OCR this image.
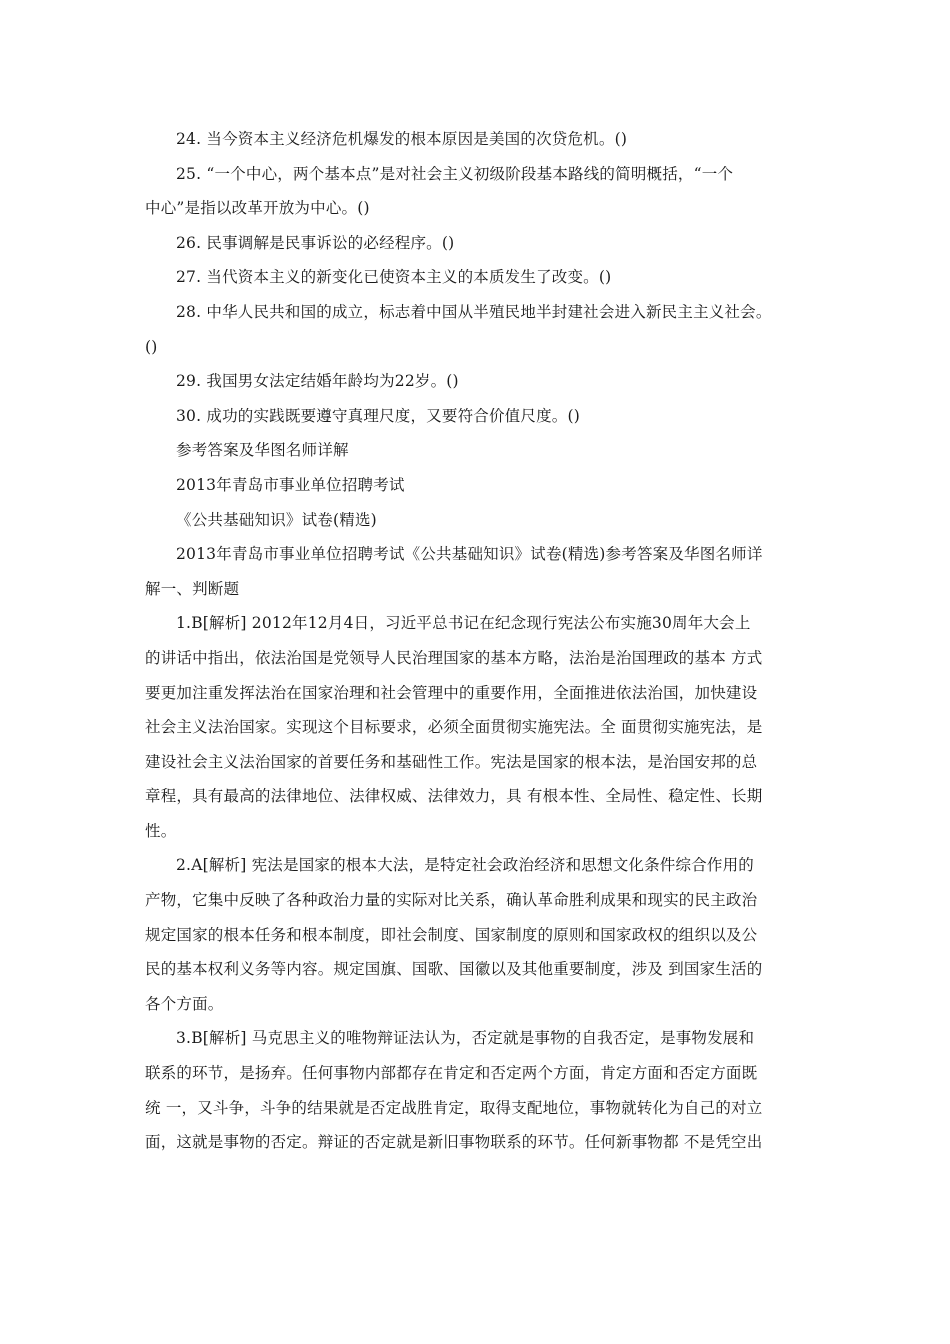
24. 当今资本主义经济危机爆发的根本原因是美国的次贷危机。()
25. “一个中心，两个基本点”是对社会主义初级阶段基本路线的简明概括，“一个
中心”是指以改革开放为中心。()
26. 民事调解是民事诉讼的必经程序。()
27. 当代资本主义的新变化已使资本主义的本质发生了改变。()
28. 中华人民共和国的成立，标志着中国从半殖民地半封建社会进入新民主主义社会。
()
29. 我国男女法定结婚年龄均为22岁。()
30. 成功的实践既要遵守真理尺度，又要符合价值尺度。()
参考答案及华图名师详解
2013年青岛市事业单位招聘考试
《公共基础知识》试卷(精选)
2013年青岛市事业单位招聘考试《公共基础知识》试卷(精选)参考答案及华图名师详
解一、判断题
1.B[解析] 2012年12月4日，习近平总书记在纪念现行宪法公布实施30周年大会上
的讲话中指出，依法治国是党领导人民治理国家的基本方略，法治是治国理政的基本 方式
要更加注重发挥法治在国家治理和社会管理中的重要作用，全面推进依法治国，加快建设
社会主义法治国家。实现这个目标要求，必须全面贯彻实施宪法。全 面贯彻实施宪法，是
建设社会主义法治国家的首要任务和基础性工作。宪法是国家的根本法，是治国安邦的总
章程，具有最高的法律地位、法律权威、法律效力，具 有根本性、全局性、稳定性、长期
性。
2.A[解析] 宪法是国家的根本大法，是特定社会政治经济和思想文化条件综合作用的
产物，它集中反映了各种政治力量的实际对比关系，确认革命胜利成果和现实的民主政治
规定国家的根本任务和根本制度，即社会制度、国家制度的原则和国家政权的组织以及公
民的基本权利义务等内容。规定国旗、国歌、国徽以及其他重要制度，涉及 到国家生活的
各个方面。
3.B[解析] 马克思主义的唯物辩证法认为，否定就是事物的自我否定，是事物发展和
联系的环节，是扬弃。任何事物内部都存在肯定和否定两个方面，肯定方面和否定方面既
统 一，又斗争，斗争的结果就是否定战胜肯定，取得支配地位，事物就转化为自己的对立
面，这就是事物的否定。辩证的否定就是新旧事物联系的环节。任何新事物都 不是凭空出
